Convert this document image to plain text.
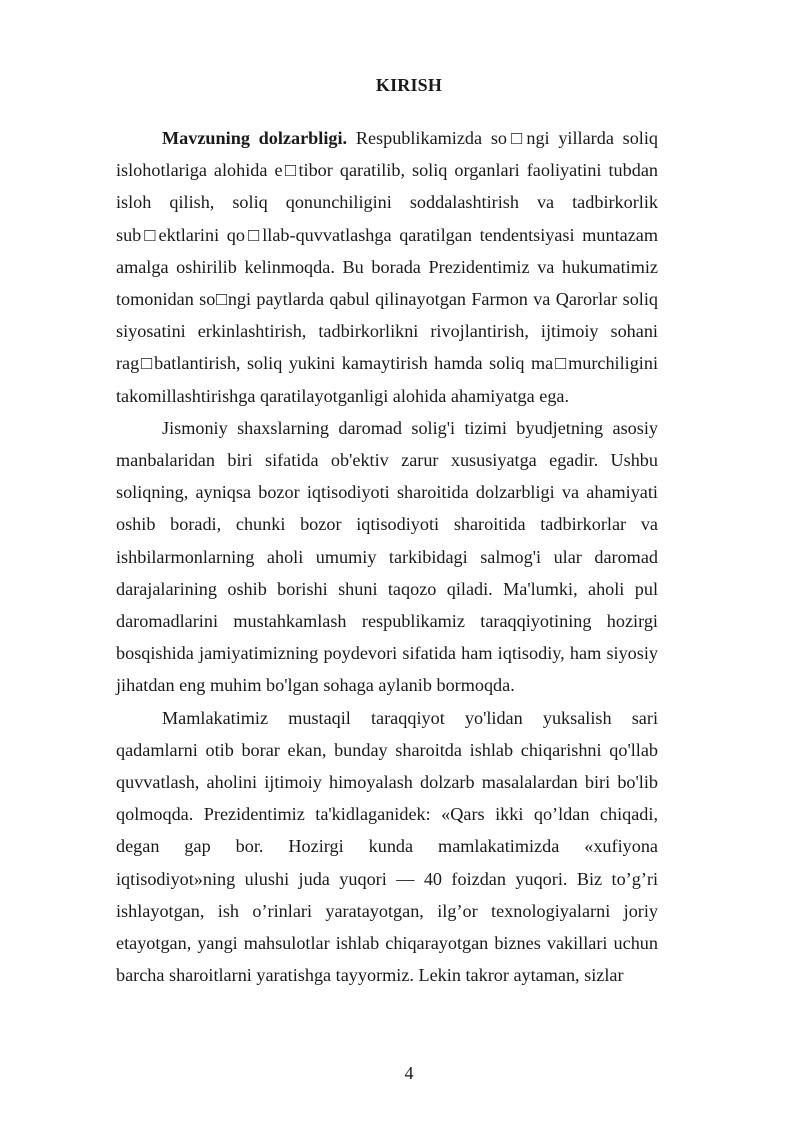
KIRISH

Mavzuning dolzarbligi. Respublikamizda so□ngi yillarda soliq islohotlariga alohida e□tibor qaratilib, soliq organlari faoliyatini tubdan isloh qilish, soliq qonunchiligini soddalashtirish va tadbirkorlik sub□ektlarini qo□llab-quvvatlashga qaratilgan tendentsiyasi muntazam amalga oshirilib kelinmoqda. Bu borada Prezidentimiz va hukumatimiz tomonidan so□ngi paytlarda qabul qilinayotgan Farmon va Qarorlar soliq siyosatini erkinlashtirish, tadbirkorlikni rivojlantirish, ijtimoiy sohani rag□batlantirish, soliq yukini kamaytirish hamda soliq ma□murchiligini takomillashtirishga qaratilayotganligi alohida ahamiyatga ega.

Jismoniy shaxslarning daromad solig'i tizimi byudjetning asosiy manbalaridan biri sifatida ob'ektiv zarur xususiyatga egadir. Ushbu soliqning, ayniqsa bozor iqtisodiyoti sharoitida dolzarbligi va ahamiyati oshib boradi, chunki bozor iqtisodiyoti sharoitida tadbirkorlar va ishbilarmonlarning aholi umumiy tarkibidagi salmog'i ular daromad darajalarining oshib borishi shuni taqozo qiladi. Ma'lumki, aholi pul daromadlarini mustahkamlash respublikamiz taraqqiyotining hozirgi bosqishida jamiyatimizning poydevori sifatida ham iqtisodiy, ham siyosiy jihatdan eng muhim bo'lgan sohaga aylanib bormoqda.

Mamlakatimiz mustaqil taraqqiyot yo'lidan yuksalish sari qadamlarni otib borar ekan, bunday sharoitda ishlab chiqarishni qo'llab quvvatlash, aholini ijtimoiy himoyalash dolzarb masalalardan biri bo'lib qolmoqda. Prezidentimiz ta'kidlaganidek: «Qars ikki qo’ldan chiqadi, degan gap bor. Hozirgi kunda mamlakatimizda «xufiyona iqtisodiyot»ning ulushi juda yuqori — 40 foizdan yuqori. Biz to’g’ri ishlayotgan, ish o’rinlari yaratayotgan, ilg’or texnologiyalarni joriy etayotgan, yangi mahsulotlar ishlab chiqarayotgan biznes vakillari uchun barcha sharoitlarni yaratishga tayyormiz. Lekin takror aytaman, sizlar

4
